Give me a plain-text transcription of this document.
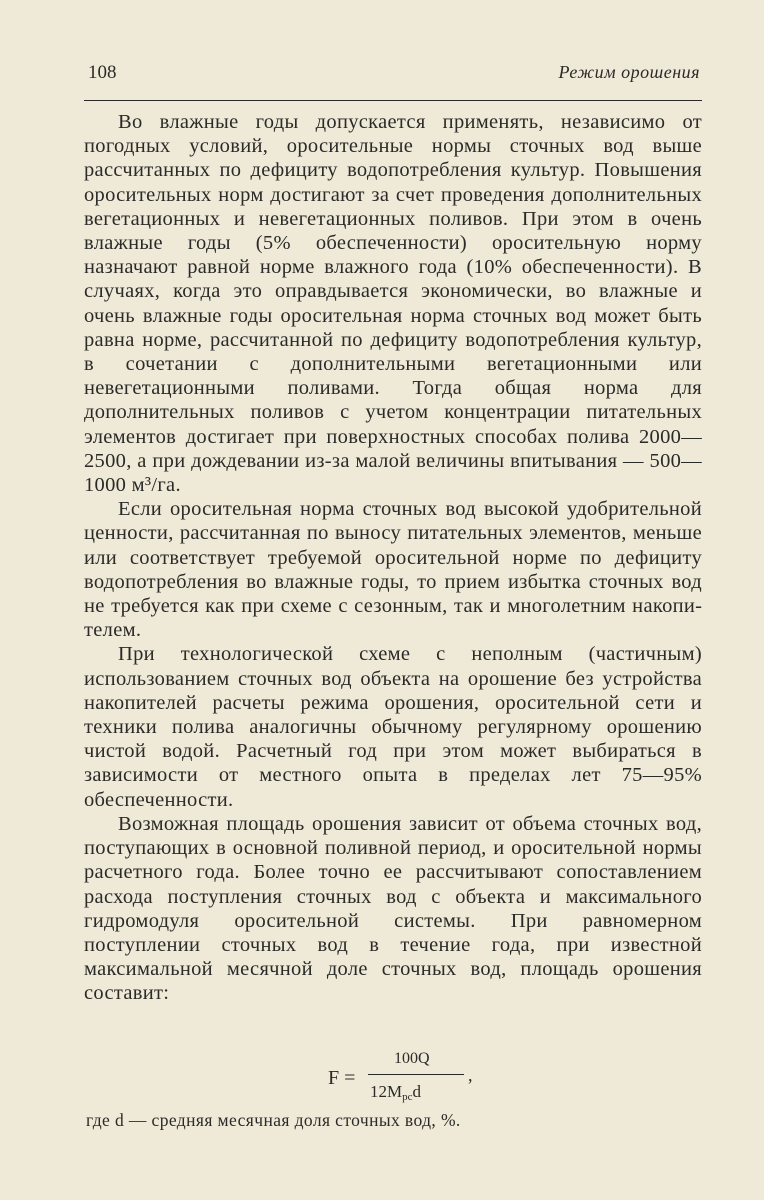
108	Режим орошения

Во влажные годы допускается применять, независимо от погодных условий, оросительные нормы сточных вод выше рассчитанных по дефициту водопотребления культур. Повышения оросительных норм достигают за счет проведения дополнительных вегетационных и невегетационных поливов. При этом в очень влажные годы (5% обеспеченности) оросительную норму назначают равной норме влажного года (10% обеспеченности). В случаях, когда это оправдывается экономически, во влажные и очень влажные годы оросительная норма сточных вод может быть равна норме, рассчитанной по дефициту водопотребления культур, в сочетании с дополнительными вегетационными или невегетационными поливами. Тогда общая норма для дополнительных поливов с учетом концентрации питательных элементов достигает при поверхностных способах полива 2000—2500, а при дождевании из-за малой величины впитывания — 500—1000 м³/га.

Если оросительная норма сточных вод высокой удобрительной ценности, рассчитанная по выносу питательных элементов, меньше или соответствует требуемой оросительной норме по дефициту водопотребления во влажные годы, то прием избытка сточных вод не требуется как при схеме с сезонным, так и многолетним накопителем.

При технологической схеме с неполным (частичным) использованием сточных вод объекта на орошение без устройства накопителей расчеты режима орошения, оросительной сети и техники полива аналогичны обычному регулярному орошению чистой водой. Расчетный год при этом может выбираться в зависимости от местного опыта в пределах лет 75—95% обеспеченности.

Возможная площадь орошения зависит от объема сточных вод, поступающих в основной поливной период, и оросительной нормы расчетного года. Более точно ее рассчитывают сопоставлением расхода поступления сточных вод с объекта и максимального гидромодуля оросительной системы. При равномерном поступлении сточных вод в течение года, при известной максимальной месячной доле сточных вод, площадь орошения составит:

F =
100Q
12Mрсd
,
где d — средняя месячная доля сточных вод, %.
